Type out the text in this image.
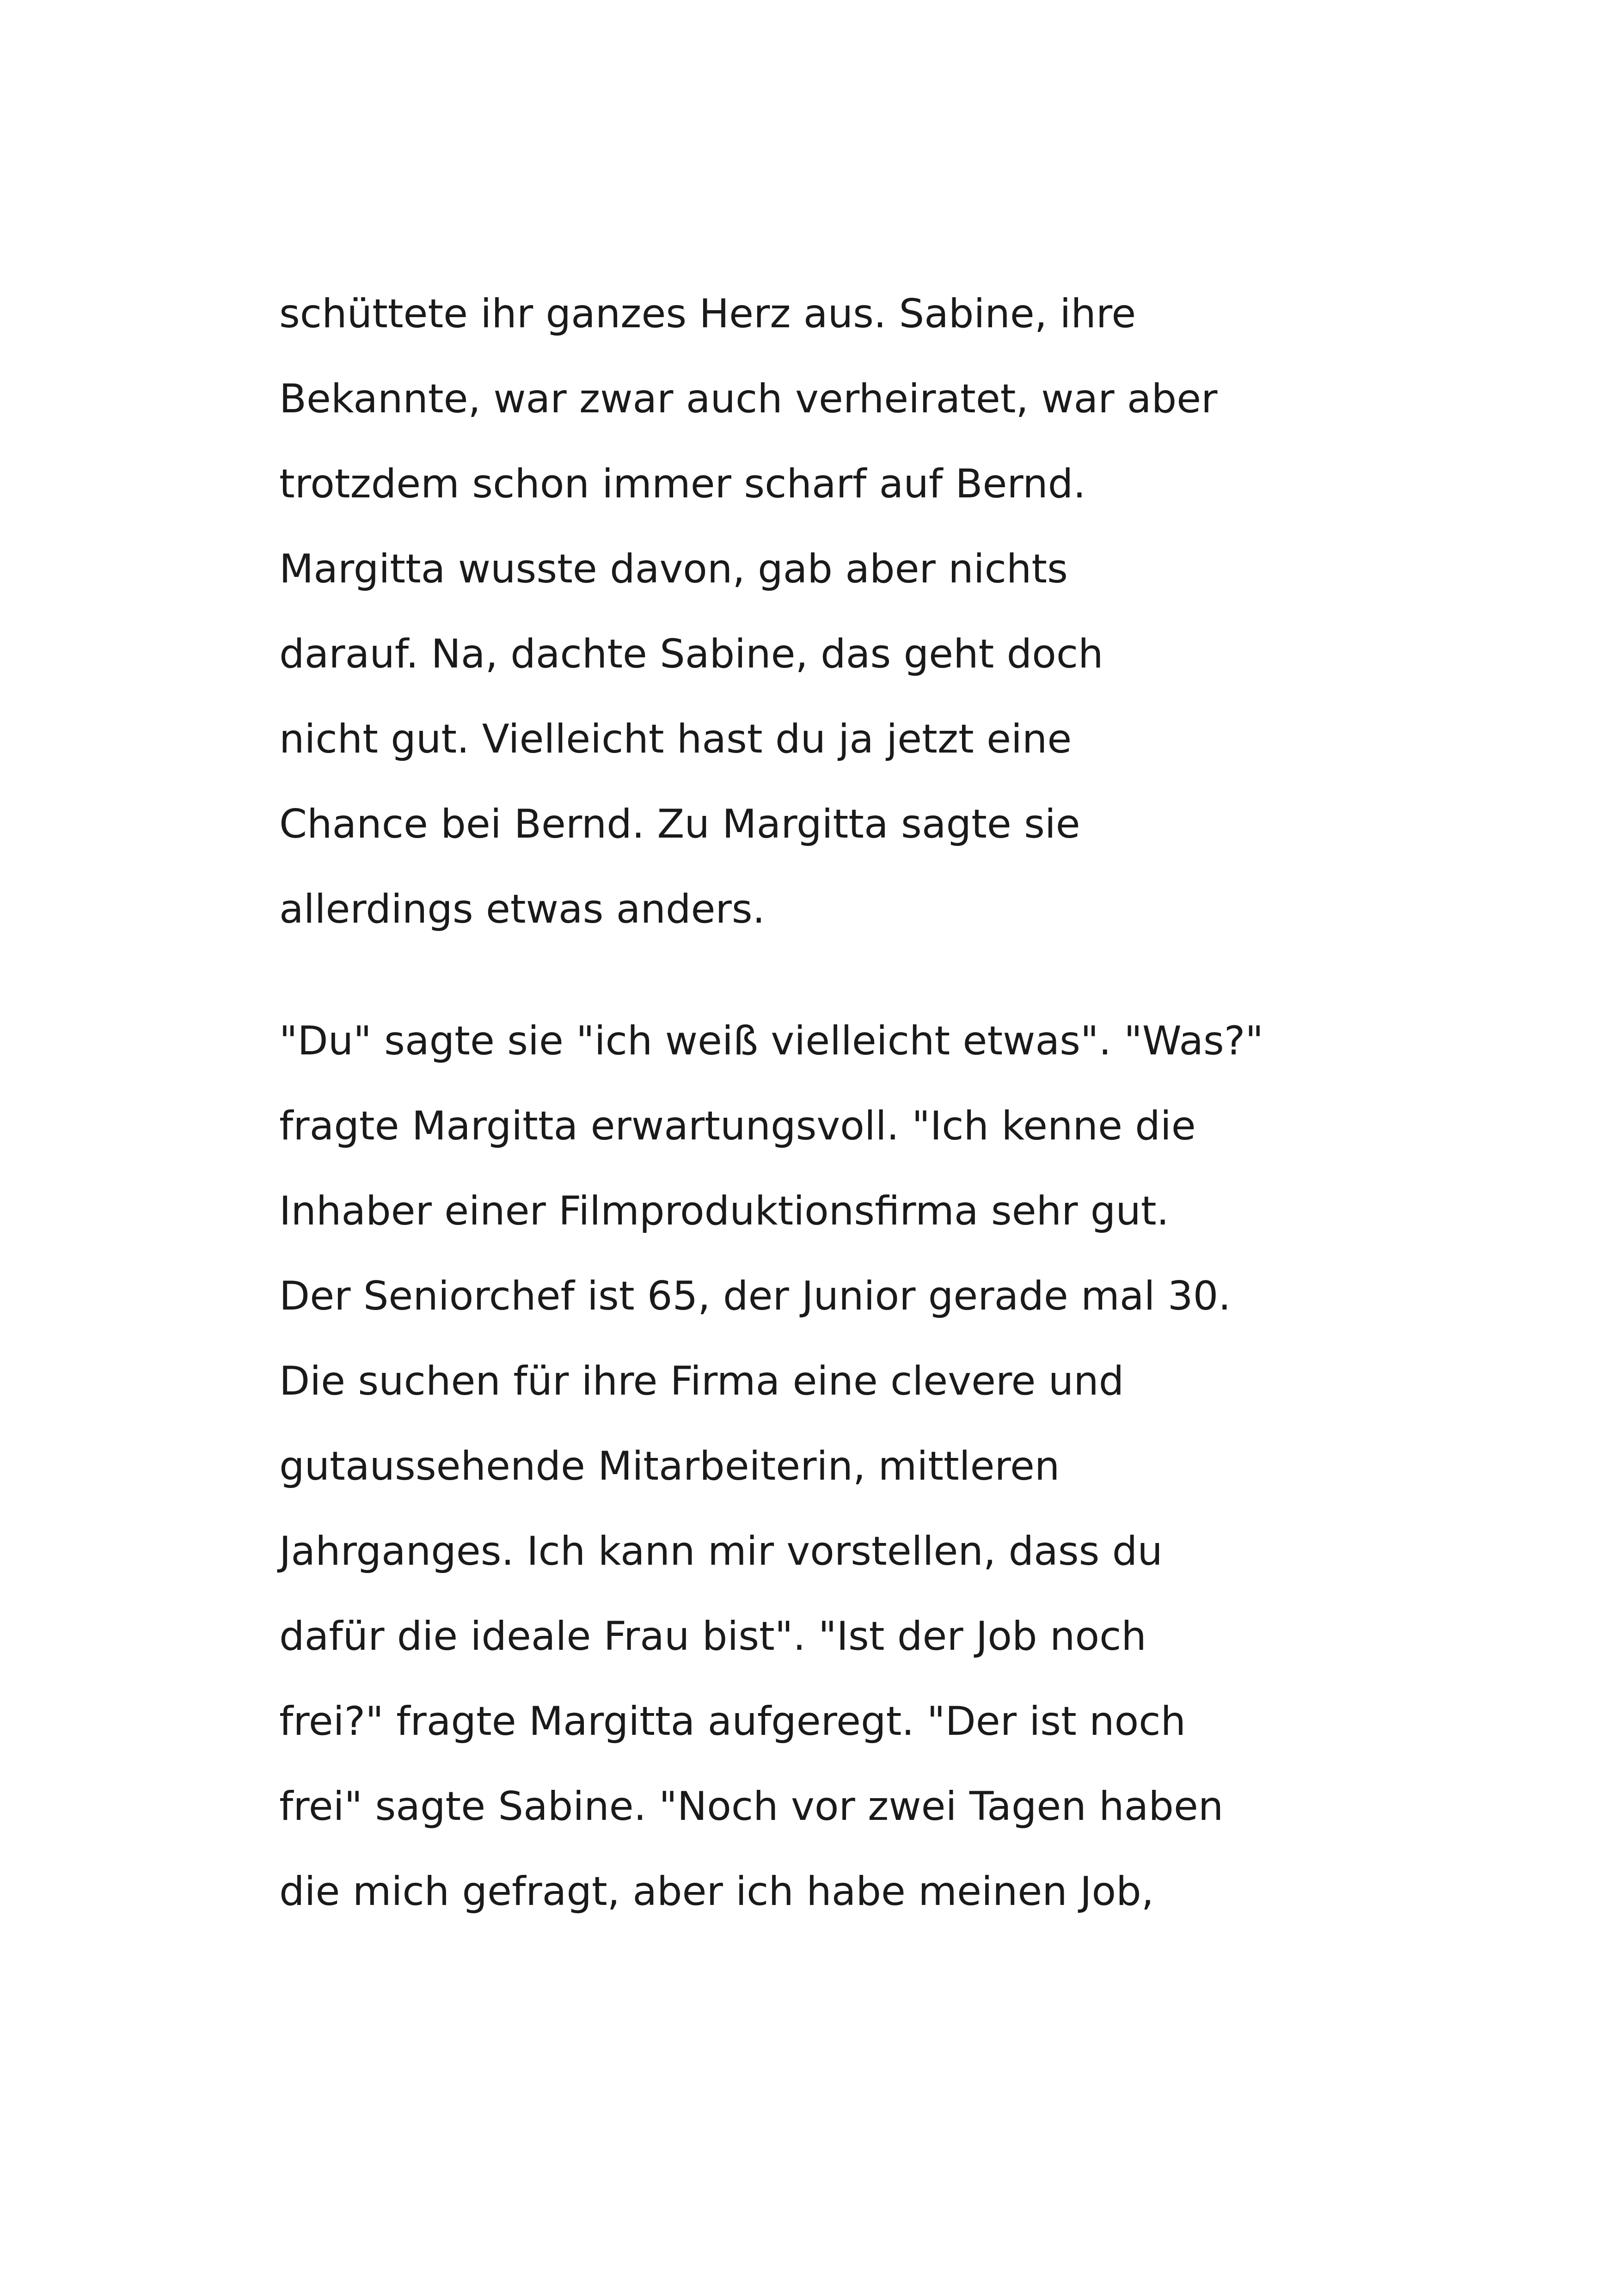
schüttete ihr ganzes Herz aus. Sabine, ihre
Bekannte, war zwar auch verheiratet, war aber
trotzdem schon immer scharf auf Bernd.
Margitta wusste davon, gab aber nichts
darauf. Na, dachte Sabine, das geht doch
nicht gut. Vielleicht hast du ja jetzt eine
Chance bei Bernd. Zu Margitta sagte sie
allerdings etwas anders.
"Du" sagte sie "ich weiß vielleicht etwas". "Was?"
fragte Margitta erwartungsvoll. "Ich kenne die
Inhaber einer Filmproduktionsfirma sehr gut.
Der Seniorchef ist 65, der Junior gerade mal 30.
Die suchen für ihre Firma eine clevere und
gutaussehende Mitarbeiterin, mittleren
Jahrganges. Ich kann mir vorstellen, dass du
dafür die ideale Frau bist". "Ist der Job noch
frei?" fragte Margitta aufgeregt. "Der ist noch
frei" sagte Sabine. "Noch vor zwei Tagen haben
die mich gefragt, aber ich habe meinen Job,
